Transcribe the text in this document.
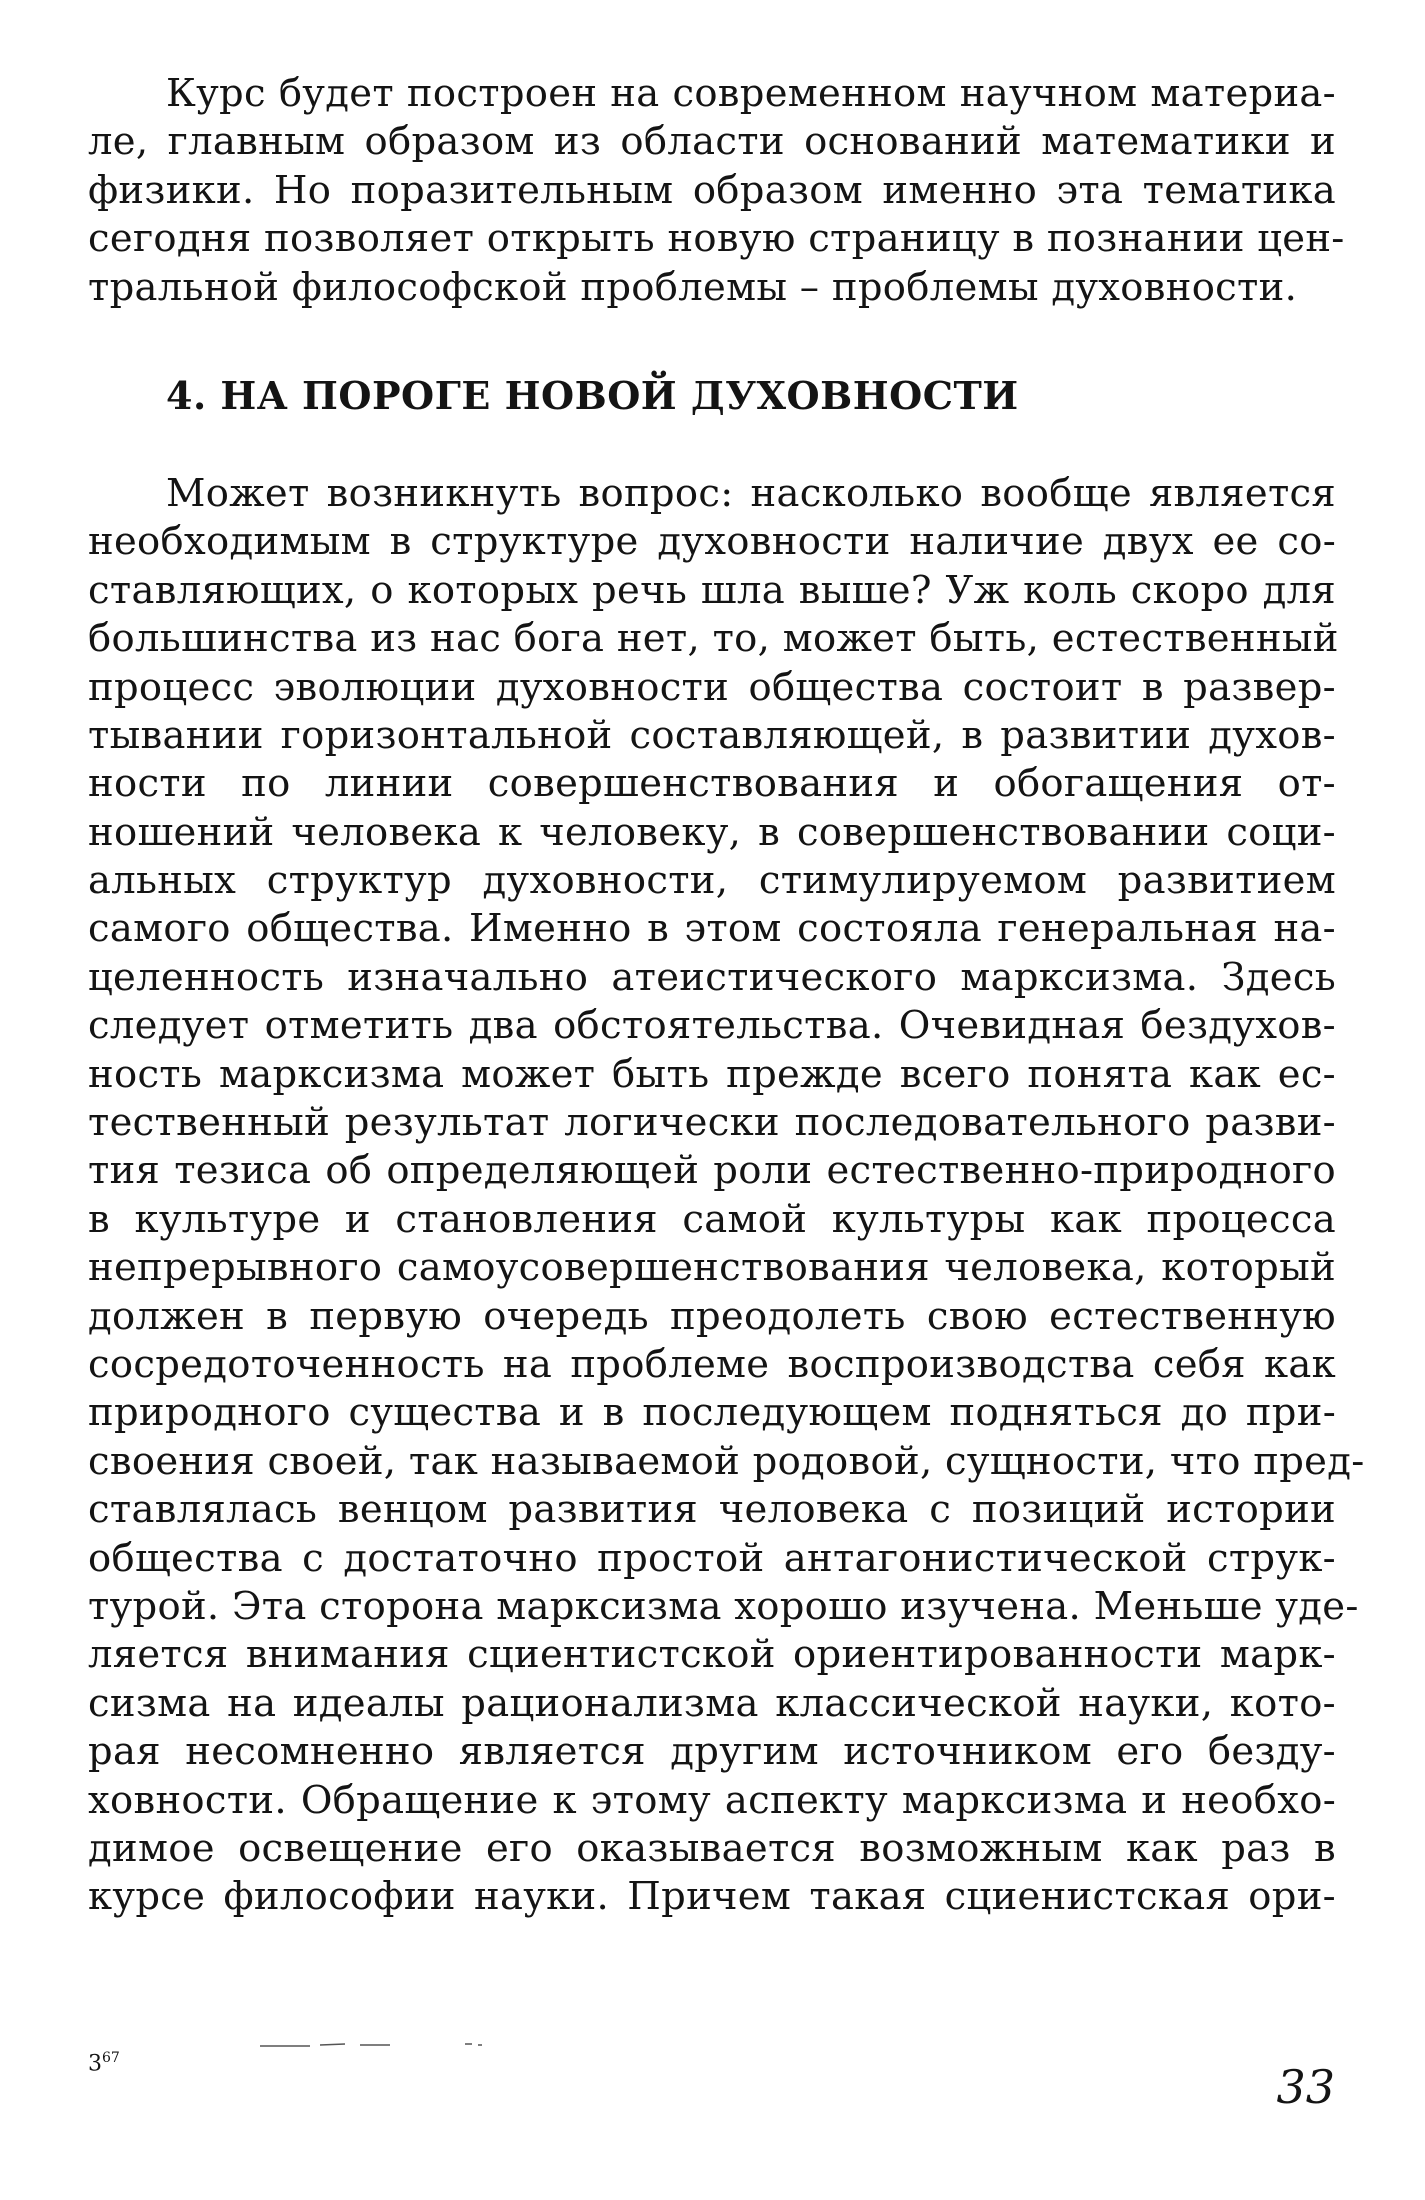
Курс будет построен на современном научном материа-
ле, главным образом из области оснований математики и
физики. Но поразительным образом именно эта тематика
сегодня позволяет открыть новую страницу в познании цен-
тральной философской проблемы – проблемы духовности.
4. НА ПОРОГЕ НОВОЙ ДУХОВНОСТИ
Может возникнуть вопрос: насколько вообще является
необходимым в структуре духовности наличие двух ее со-
ставляющих, о которых речь шла выше? Уж коль скоро для
большинства из нас бога нет, то, может быть, естественный
процесс эволюции духовности общества состоит в развер-
тывании горизонтальной составляющей, в развитии духов-
ности по линии совершенствования и обогащения от-
ношений человека к человеку, в совершенствовании соци-
альных структур духовности, стимулируемом развитием
самого общества. Именно в этом состояла генеральная на-
целенность изначально атеистического марксизма. Здесь
следует отметить два обстоятельства. Очевидная бездухов-
ность марксизма может быть прежде всего понята как ес-
тественный результат логически последовательного разви-
тия тезиса об определяющей роли естественно-природного
в культуре и становления самой культуры как процесса
непрерывного самоусовершенствования человека, который
должен в первую очередь преодолеть свою естественную
сосредоточенность на проблеме воспроизводства себя как
природного существа и в последующем подняться до при-
своения своей, так называемой родовой, сущности, что пред-
ставлялась венцом развития человека с позиций истории
общества с достаточно простой антагонистической струк-
турой. Эта сторона марксизма хорошо изучена. Меньше уде-
ляется внимания сциентистской ориентированности марк-
сизма на идеалы рационализма классической науки, кото-
рая несомненно является другим источником его безду-
ховности. Обращение к этому аспекту марксизма и необхо-
димое освещение его оказывается возможным как раз в
курсе философии науки. Причем такая сциенистская ори-
$3^{67}$
33
